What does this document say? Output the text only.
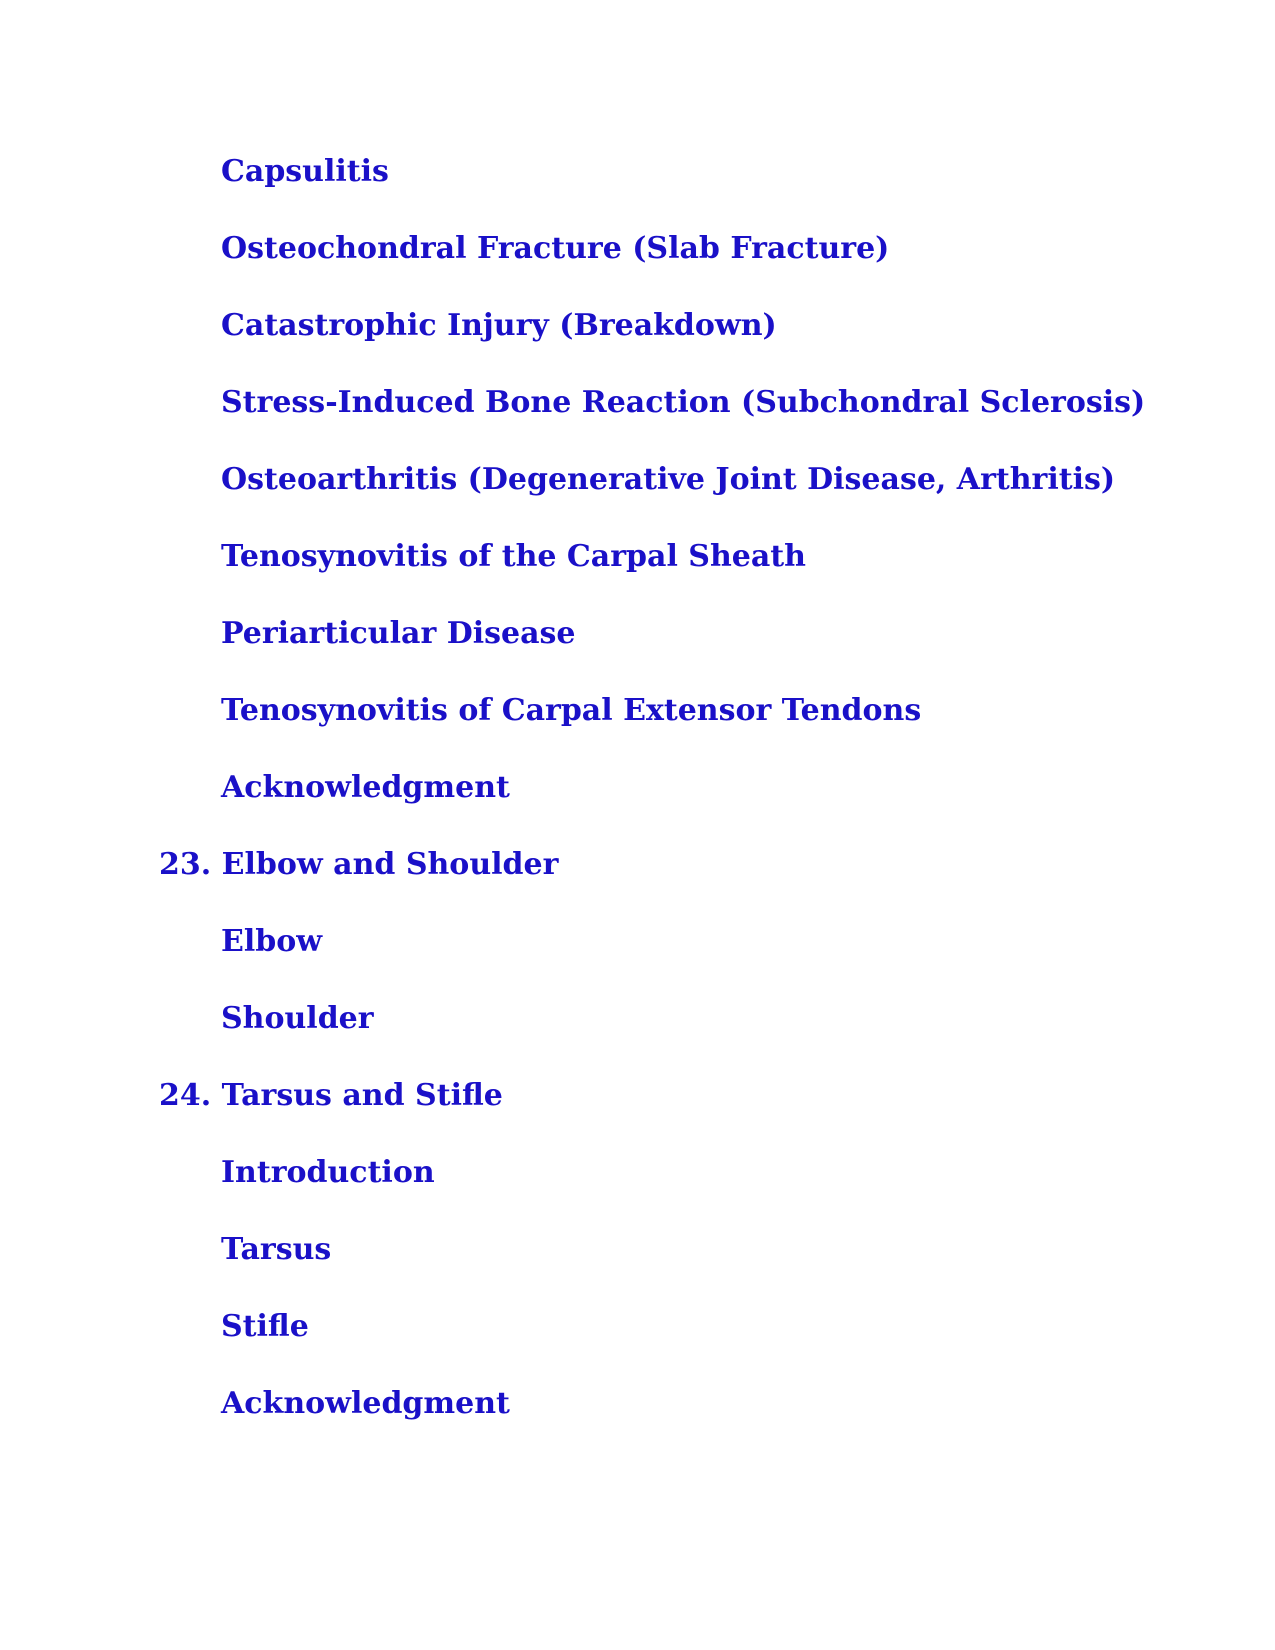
Capsulitis
Osteochondral Fracture (Slab Fracture)
Catastrophic Injury (Breakdown)
Stress-Induced Bone Reaction (Subchondral Sclerosis)
Osteoarthritis (Degenerative Joint Disease, Arthritis)
Tenosynovitis of the Carpal Sheath
Periarticular Disease
Tenosynovitis of Carpal Extensor Tendons
Acknowledgment
23. Elbow and Shoulder
Elbow
Shoulder
24. Tarsus and Stifle
Introduction
Tarsus
Stifle
Acknowledgment
